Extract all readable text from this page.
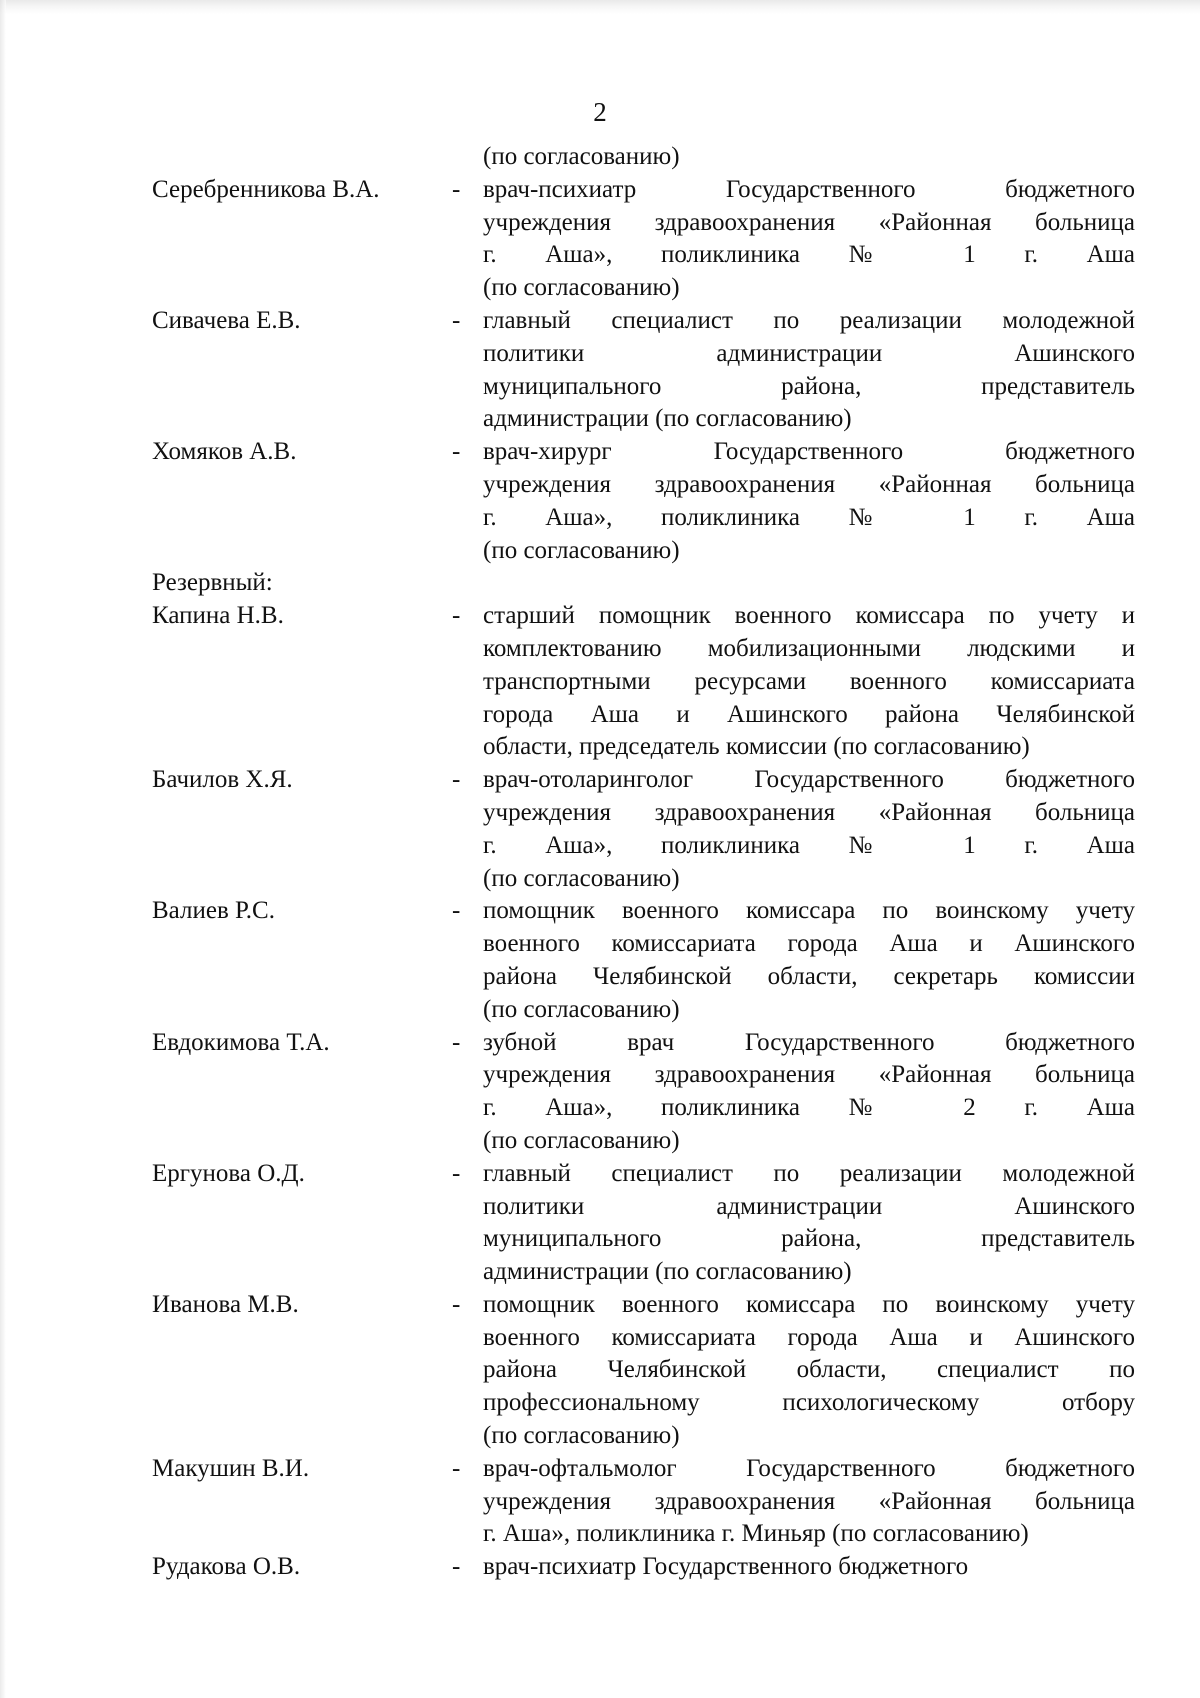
2
(по согласованию)
Серебренникова В.А.	- врач-психиатр Государственного бюджетного
учреждения здравоохранения «Районная больница
г. Аша», поликлиника № 1 г. Аша
(по согласованию)
Сивачева Е.В.	- главный специалист по реализации молодежной
политики администрации Ашинского
муниципального района, представитель
администрации (по согласованию)
Хомяков А.В.	- врач-хирург Государственного бюджетного
учреждения здравоохранения «Районная больница
г. Аша», поликлиника № 1 г. Аша
(по согласованию)
Резервный:
Капина Н.В.	- старший помощник военного комиссара по учету и
комплектованию мобилизационными людскими и
транспортными ресурсами военного комиссариата
города Аша и Ашинского района Челябинской
области, председатель комиссии (по согласованию)
Бачилов Х.Я.	- врач-отоларинголог Государственного бюджетного
учреждения здравоохранения «Районная больница
г. Аша», поликлиника № 1 г. Аша
(по согласованию)
Валиев Р.С.	- помощник военного комиссара по воинскому учету
военного комиссариата города Аша и Ашинского
района Челябинской области, секретарь комиссии
(по согласованию)
Евдокимова Т.А.	- зубной врач Государственного бюджетного
учреждения здравоохранения «Районная больница
г. Аша», поликлиника № 2 г. Аша
(по согласованию)
Ергунова О.Д.	- главный специалист по реализации молодежной
политики администрации Ашинского
муниципального района, представитель
администрации (по согласованию)
Иванова М.В.	- помощник военного комиссара по воинскому учету
военного комиссариата города Аша и Ашинского
района Челябинской области, специалист по
профессиональному психологическому отбору
(по согласованию)
Макушин В.И.	- врач-офтальмолог Государственного бюджетного
учреждения здравоохранения «Районная больница
г. Аша», поликлиника г. Миньяр (по согласованию)
Рудакова О.В.	- врач-психиатр Государственного бюджетного
